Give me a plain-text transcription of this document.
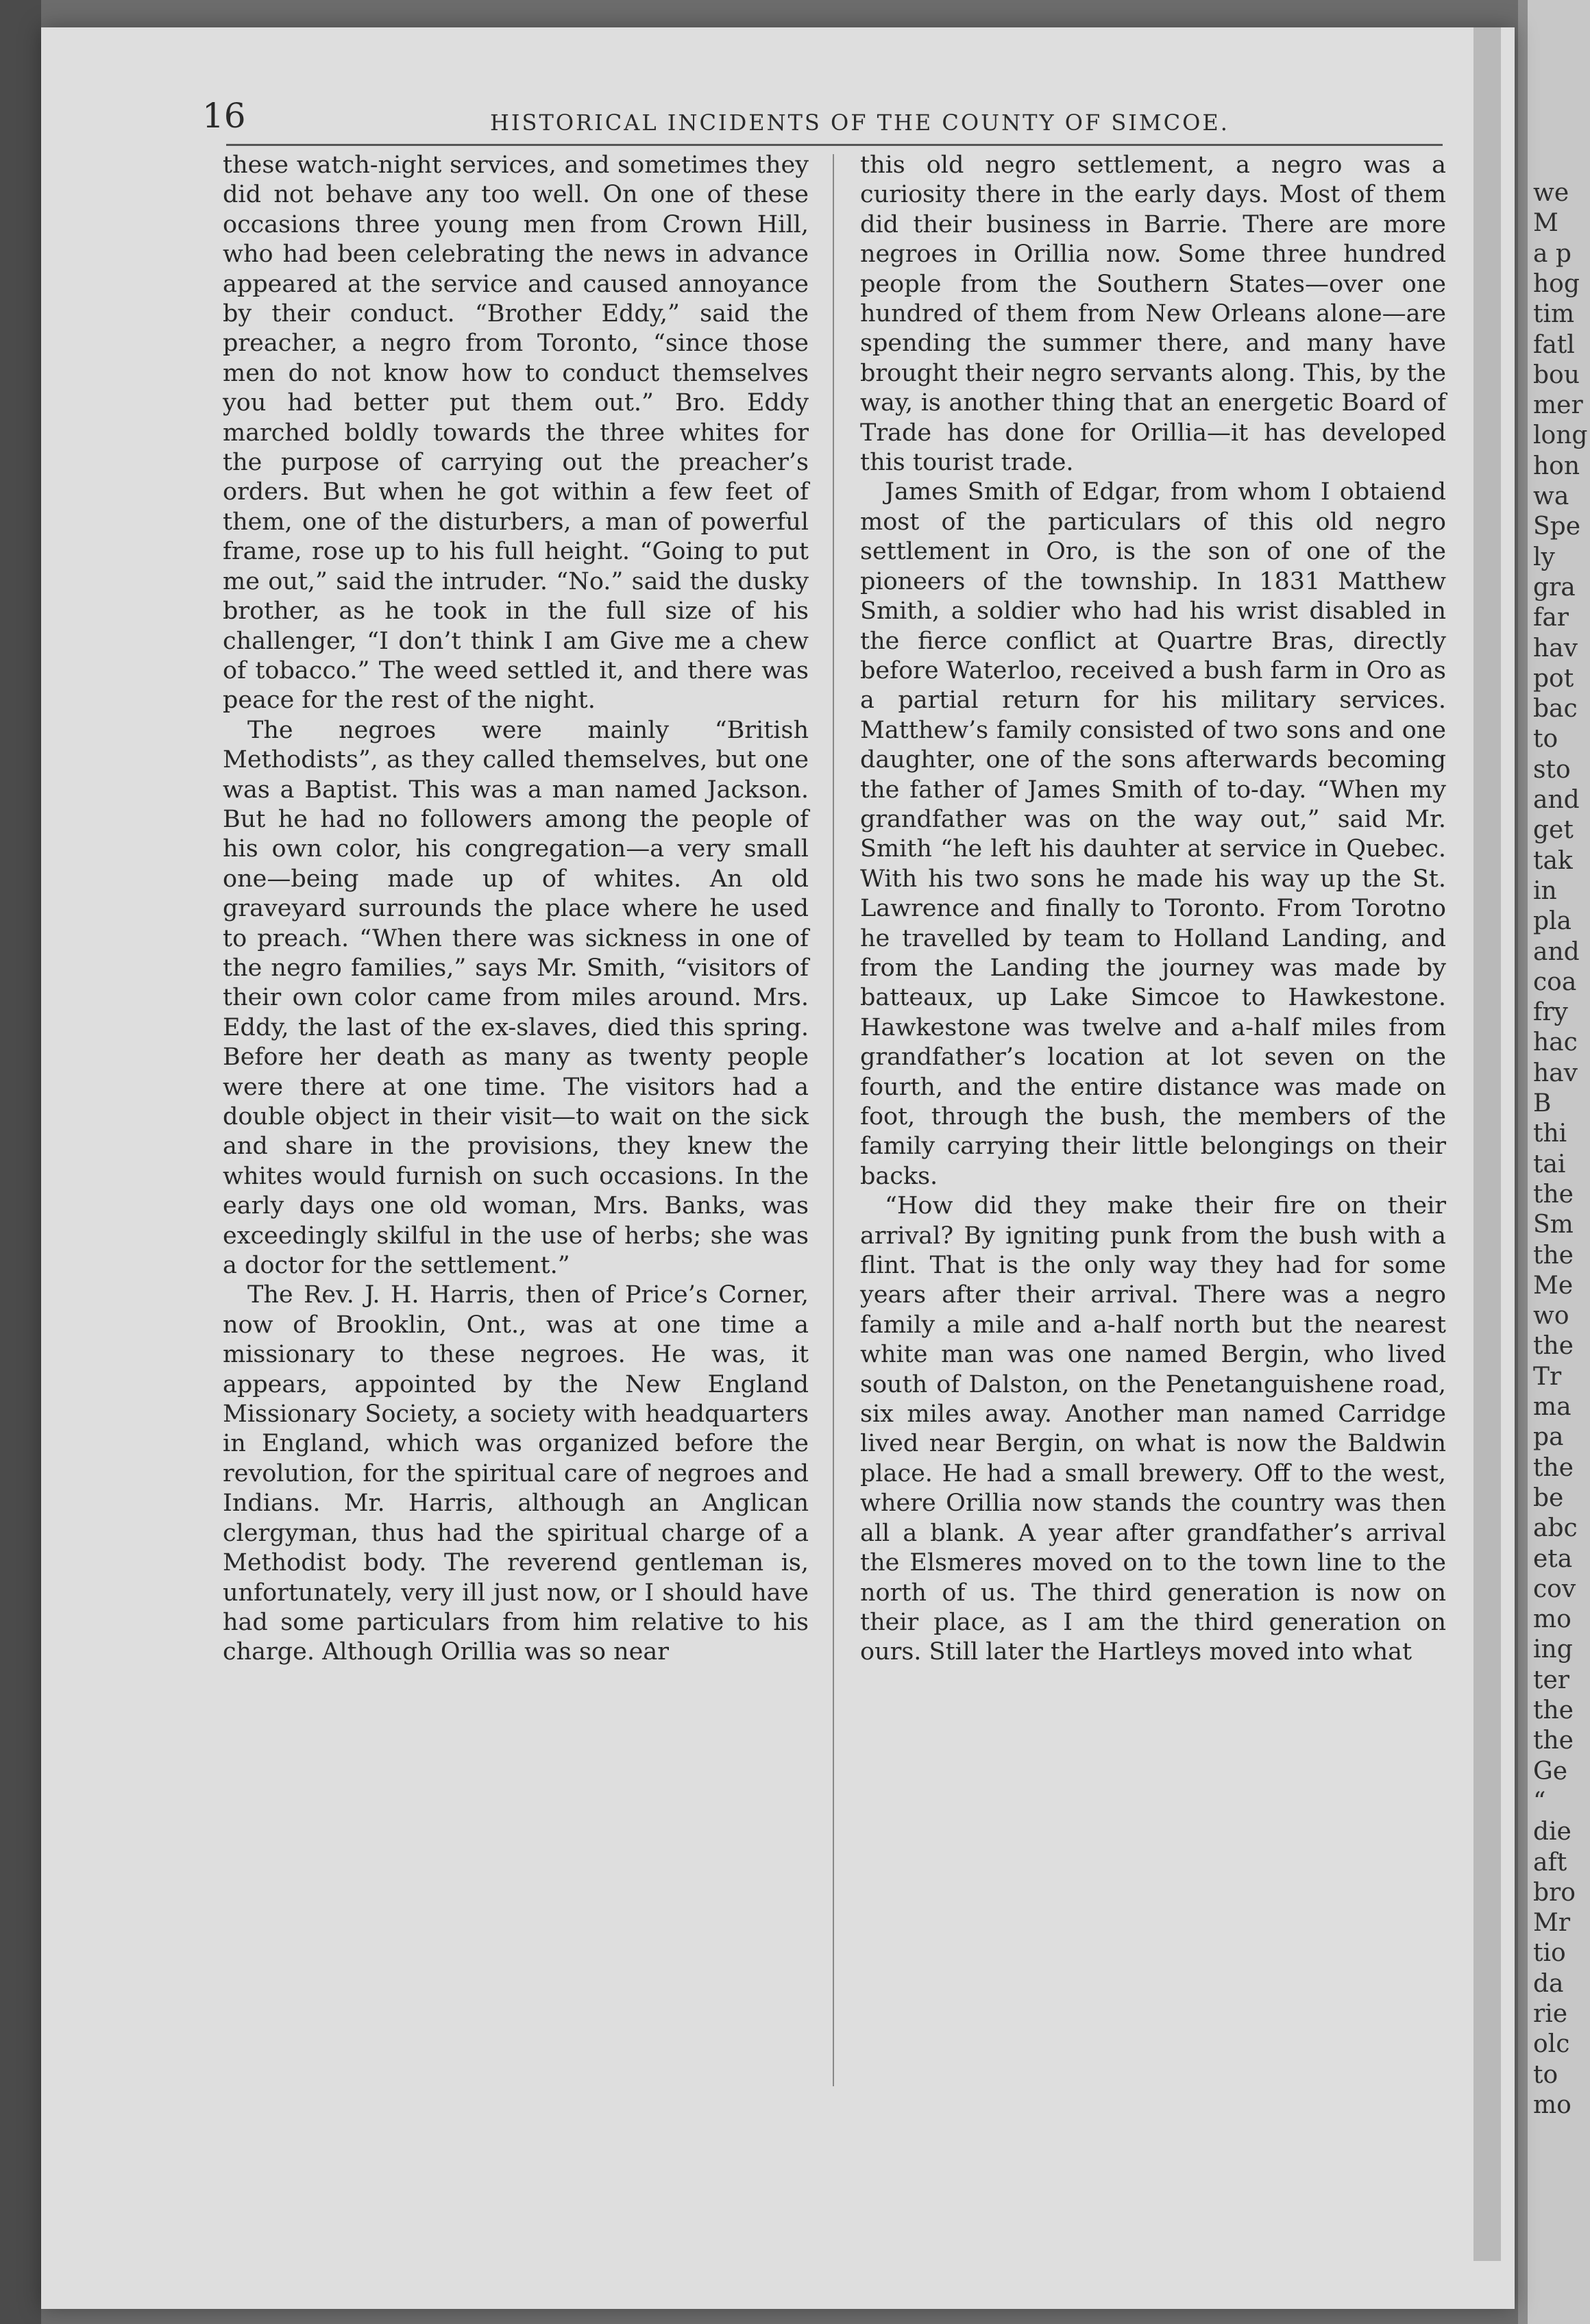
we
M
a p
hog
tim
fatl
bou
mer
long
hon
wa
Spe
ly
gra
far
hav
pot
bac
to
sto
and
get
tak
in
pla
and
coa
fry
hac
hav
B
thi
tai
the
Sm
the
Me
wo
the
Tr
ma
pa
the
be
abc
eta
cov
mo
ing
ter
the
the
Ge
“
die
aft
bro
Mr
tio
da
rie
olc
to
mo
16	HISTORICAL INCIDENTS OF THE COUNTY OF SIMCOE.

these watch-night services, and sometimes they did not behave any too well. On one of these occasions three young men from Crown Hill, who had been celebrating the news in advance appeared at the service and caused annoyance by their conduct. “Brother Eddy,” said the preacher, a negro from Toronto, “since those men do not know how to conduct themselves you had better put them out.” Bro. Eddy marched boldly towards the three whites for the purpose of carrying out the preacher’s orders. But when he got within a few feet of them, one of the disturbers, a man of powerful frame, rose up to his full height. “Going to put me out,” said the intruder. “No.” said the dusky brother, as he took in the full size of his challenger, “I don’t think I am Give me a chew of tobacco.” The weed settled it, and there was peace for the rest of the night.

The negroes were mainly “British Methodists”, as they called themselves, but one was a Baptist. This was a man named Jackson. But he had no followers among the people of his own color, his congregation—a very small one—being made up of whites. An old graveyard surrounds the place where he used to preach. “When there was sickness in one of the negro families,” says Mr. Smith, “visitors of their own color came from miles around. Mrs. Eddy, the last of the ex-slaves, died this spring. Before her death as many as twenty people were there at one time. The visitors had a double object in their visit—to wait on the sick and share in the provisions, they knew the whites would furnish on such occasions. In the early days one old woman, Mrs. Banks, was exceedingly skilful in the use of herbs; she was a doctor for the settlement.”

The Rev. J. H. Harris, then of Price’s Corner, now of Brooklin, Ont., was at one time a missionary to these negroes. He was, it appears, appointed by the New England Missionary Society, a society with headquarters in England, which was organized before the revolution, for the spiritual care of negroes and Indians. Mr. Harris, although an Anglican clergyman, thus had the spiritual charge of a Methodist body. The reverend gentleman is, unfortunately, very ill just now, or I should have had some particulars from him relative to his charge. Although Orillia was so near

this old negro settlement, a negro was a curiosity there in the early days. Most of them did their business in Barrie. There are more negroes in Orillia now. Some three hundred people from the Southern States—over one hundred of them from New Orleans alone—are spending the summer there, and many have brought their negro servants along. This, by the way, is another thing that an energetic Board of Trade has done for Orillia—it has developed this tourist trade.

James Smith of Edgar, from whom I obtaiend most of the particulars of this old negro settlement in Oro, is the son of one of the pioneers of the township. In 1831 Matthew Smith, a soldier who had his wrist disabled in the fierce conflict at Quartre Bras, directly before Waterloo, received a bush farm in Oro as a partial return for his military services. Matthew’s family consisted of two sons and one daughter, one of the sons afterwards becoming the father of James Smith of to-day. “When my grandfather was on the way out,” said Mr. Smith “he left his dauhter at service in Quebec. With his two sons he made his way up the St. Lawrence and finally to Toronto. From Torotno he travelled by team to Holland Landing, and from the Landing the journey was made by batteaux, up Lake Simcoe to Hawkestone. Hawkestone was twelve and a-half miles from grandfather’s location at lot seven on the fourth, and the entire distance was made on foot, through the bush, the members of the family carrying their little belongings on their backs.

“How did they make their fire on their arrival? By igniting punk from the bush with a flint. That is the only way they had for some years after their arrival. There was a negro family a mile and a-half north but the nearest white man was one named Bergin, who lived south of Dalston, on the Penetanguishene road, six miles away. Another man named Carridge lived near Bergin, on what is now the Baldwin place. He had a small brewery. Off to the west, where Orillia now stands the country was then all a blank. A year after grandfather’s arrival the Elsmeres moved on to the town line to the north of us. The third generation is now on their place, as I am the third generation on ours. Still later the Hartleys moved into what
